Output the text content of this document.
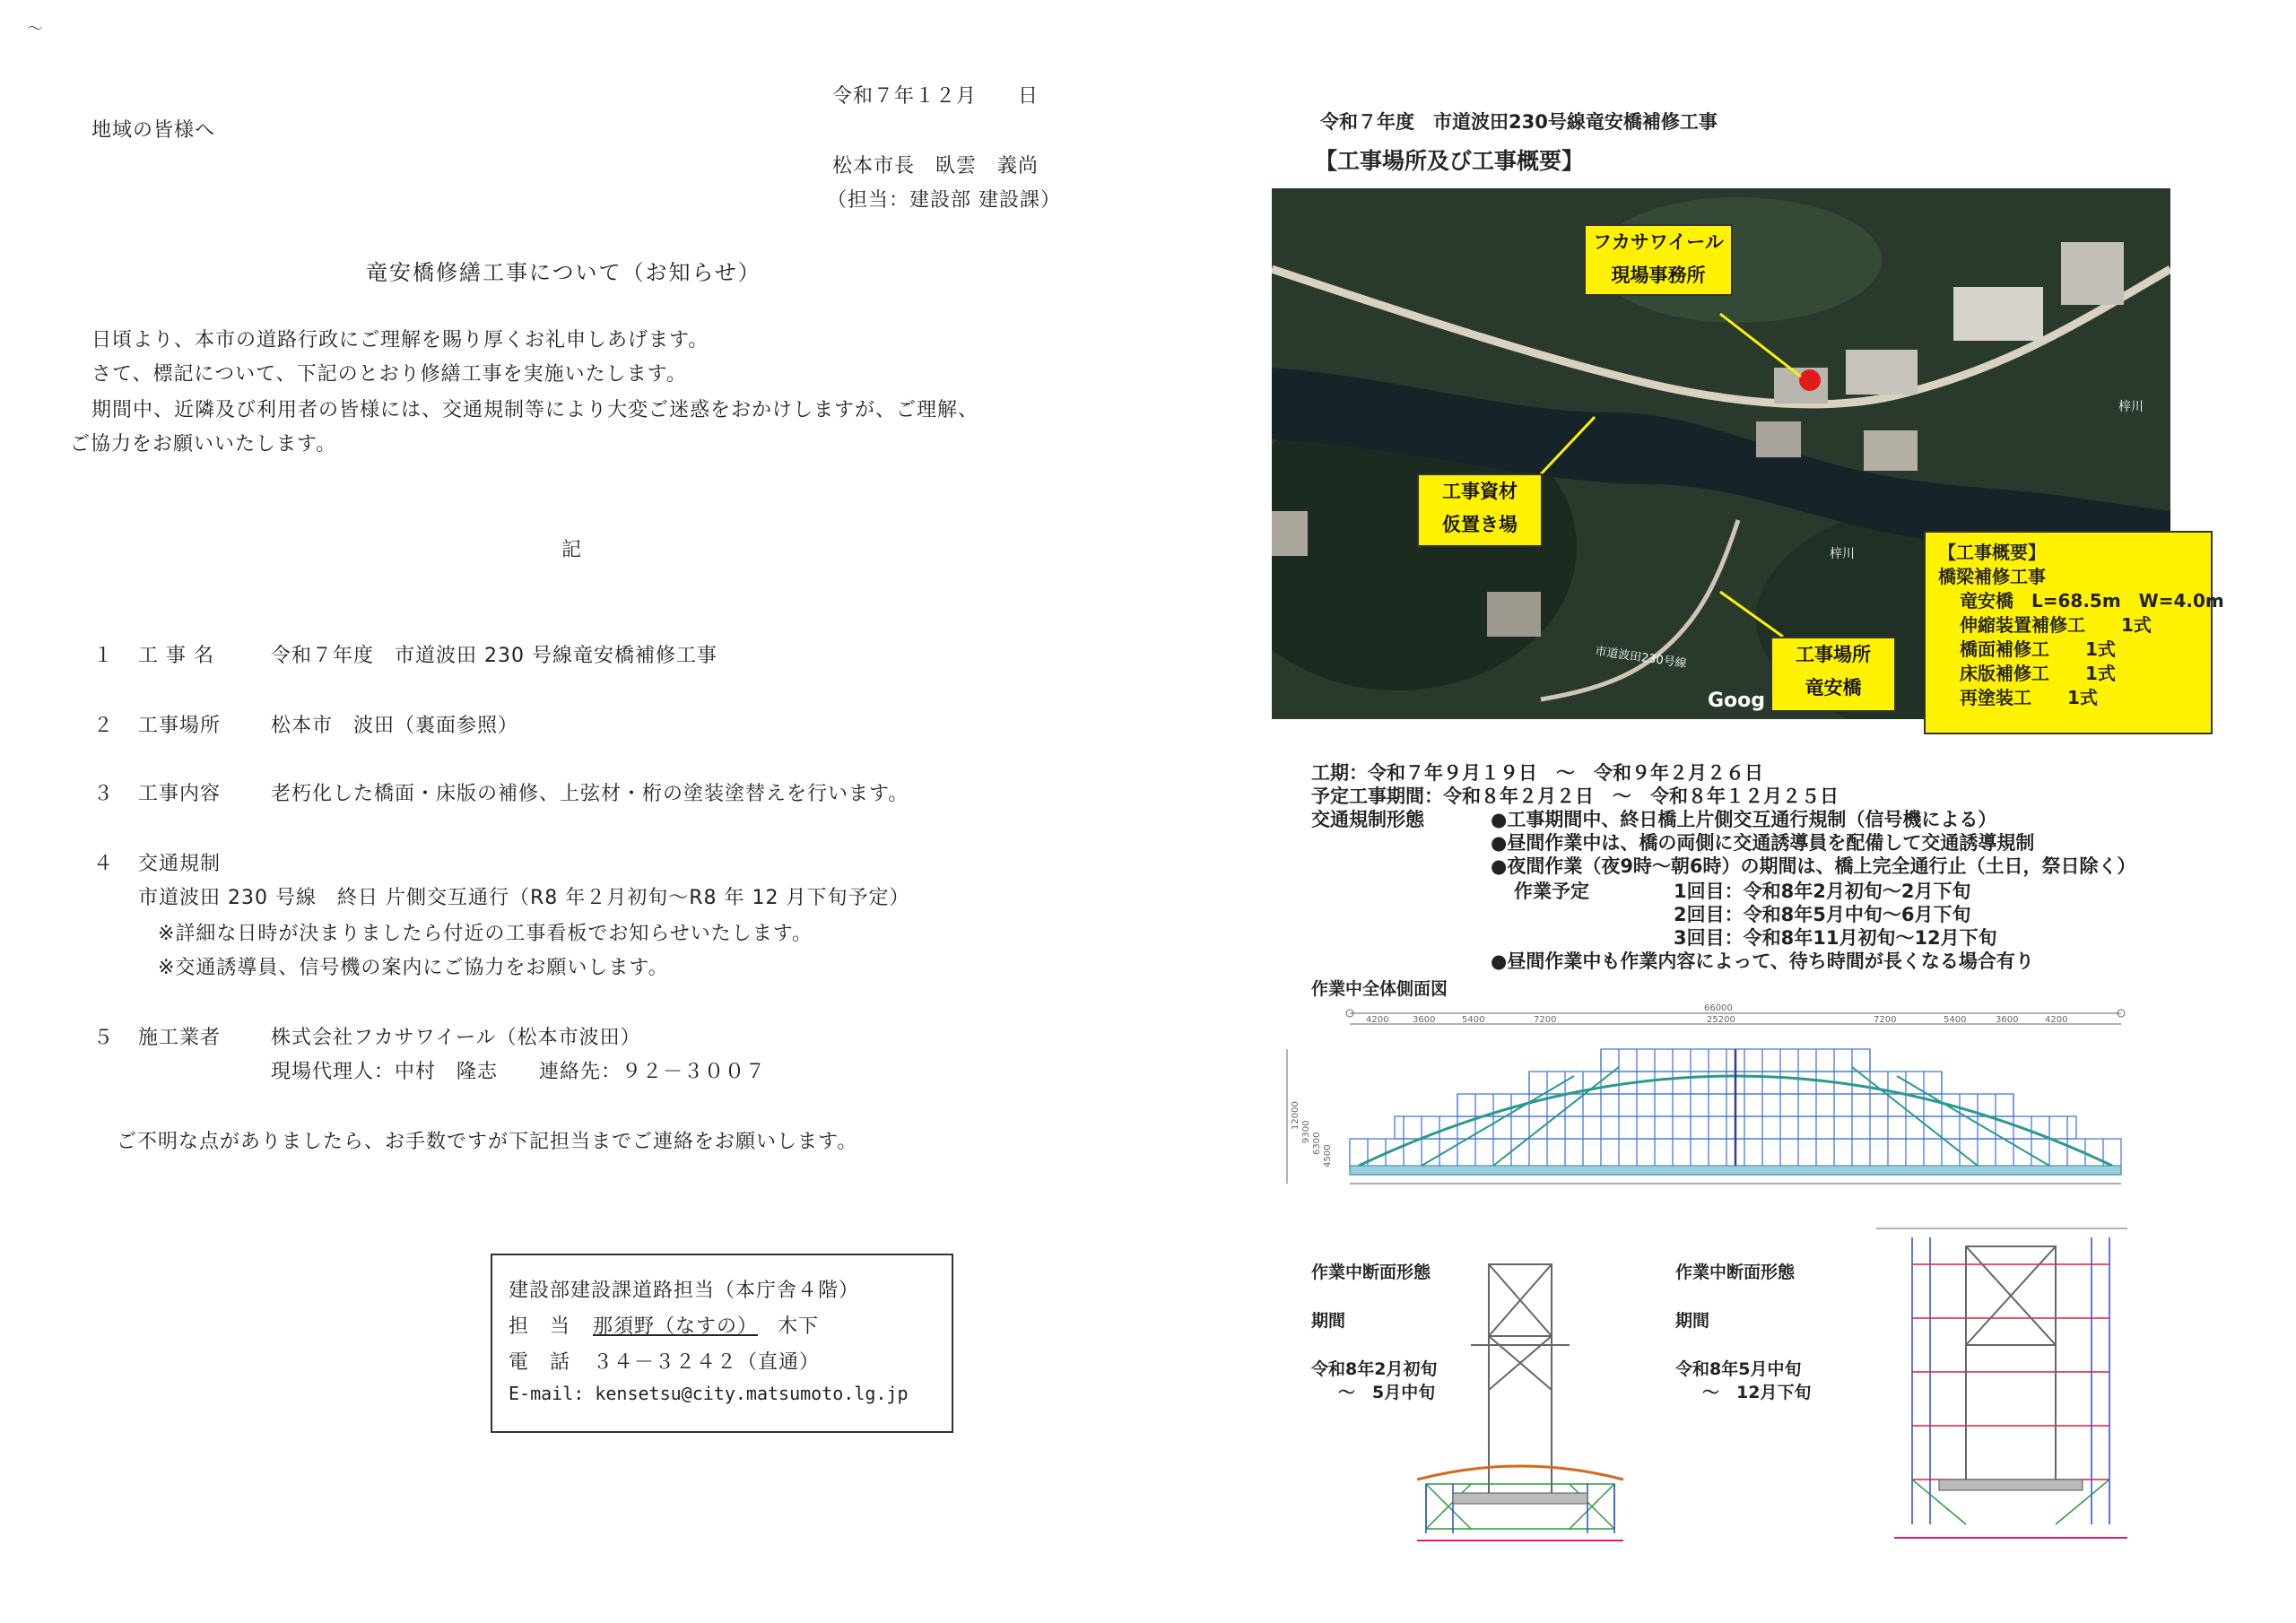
〜
令和７年１２月　　日
地域の皆様へ
松本市長　臥雲　義尚
（担当：建設部 建設課）
竜安橋修繕工事について（お知らせ）
日頃より、本市の道路行政にご理解を賜り厚くお礼申しあげます。
さて、標記について、下記のとおり修繕工事を実施いたします。
期間中、近隣及び利用者の皆様には、交通規制等により大変ご迷惑をおかけしますが、ご理解、
ご協力をお願いいたします。
記
１ 工 事 名	令和７年度　市道波田 230 号線竜安橋補修工事
２ 工事場所	松本市　波田（裏面参照）
３ 工事内容	老朽化した橋面・床版の補修、上弦材・桁の塗装塗替えを行います。
４ 交通規制
市道波田 230 号線　終日 片側交互通行（R8 年２月初旬～R8 年 12 月下旬予定）
※詳細な日時が決まりましたら付近の工事看板でお知らせいたします。
※交通誘導員、信号機の案内にご協力をお願いします。
５ 施工業者	株式会社フカサワイール（松本市波田）
現場代理人：中村　隆志　　連絡先：９２－３００７
ご不明な点がありましたら、お手数ですが下記担当までご連絡をお願いします。
建設部建設課道路担当（本庁舎４階）
担　当 那須野（なすの） 木下
電　話 ３４－３２４２（直通）
E-mail: kensetsu@city.matsumoto.lg.jp
令和７年度　市道波田230号線竜安橋補修工事
【工事場所及び工事概要】
市道波田230号線
梓川
梓川
Goog
フカサワイール
現場事務所
工事資材
仮置き場
工事場所
竜安橋
【工事概要】
橋梁補修工事
竜安橋　L=68.5m　W=4.0m
伸縮装置補修工　　1式
橋面補修工　　1式
床版補修工　　1式
再塗装工　　1式
工期：令和７年９月１９日　～　令和９年２月２６日
予定工事期間：令和８年２月２日　～　令和８年１２月２５日
交通規制形態	●工事期間中、終日橋上片側交互通行規制（信号機による）
●昼間作業中は、橋の両側に交通誘導員を配備して交通誘導規制
●夜間作業（夜9時～朝6時）の期間は、橋上完全通行止（土日，祭日除く）
作業予定	1回目：令和8年2月初旬～2月下旬
2回目：令和8年5月中旬～6月下旬
3回目：令和8年11月初旬～12月下旬
●昼間作業中も作業内容によって、待ち時間が長くなる場合有り
作業中全体側面図
66000
4200	3600	5400	7200	25200	7200	5400	3600	4200
12000
9300
6300
4500
作業中断面形態
期間
令和8年2月初旬
～　5月中旬
作業中断面形態
期間
令和8年5月中旬
～　12月下旬
